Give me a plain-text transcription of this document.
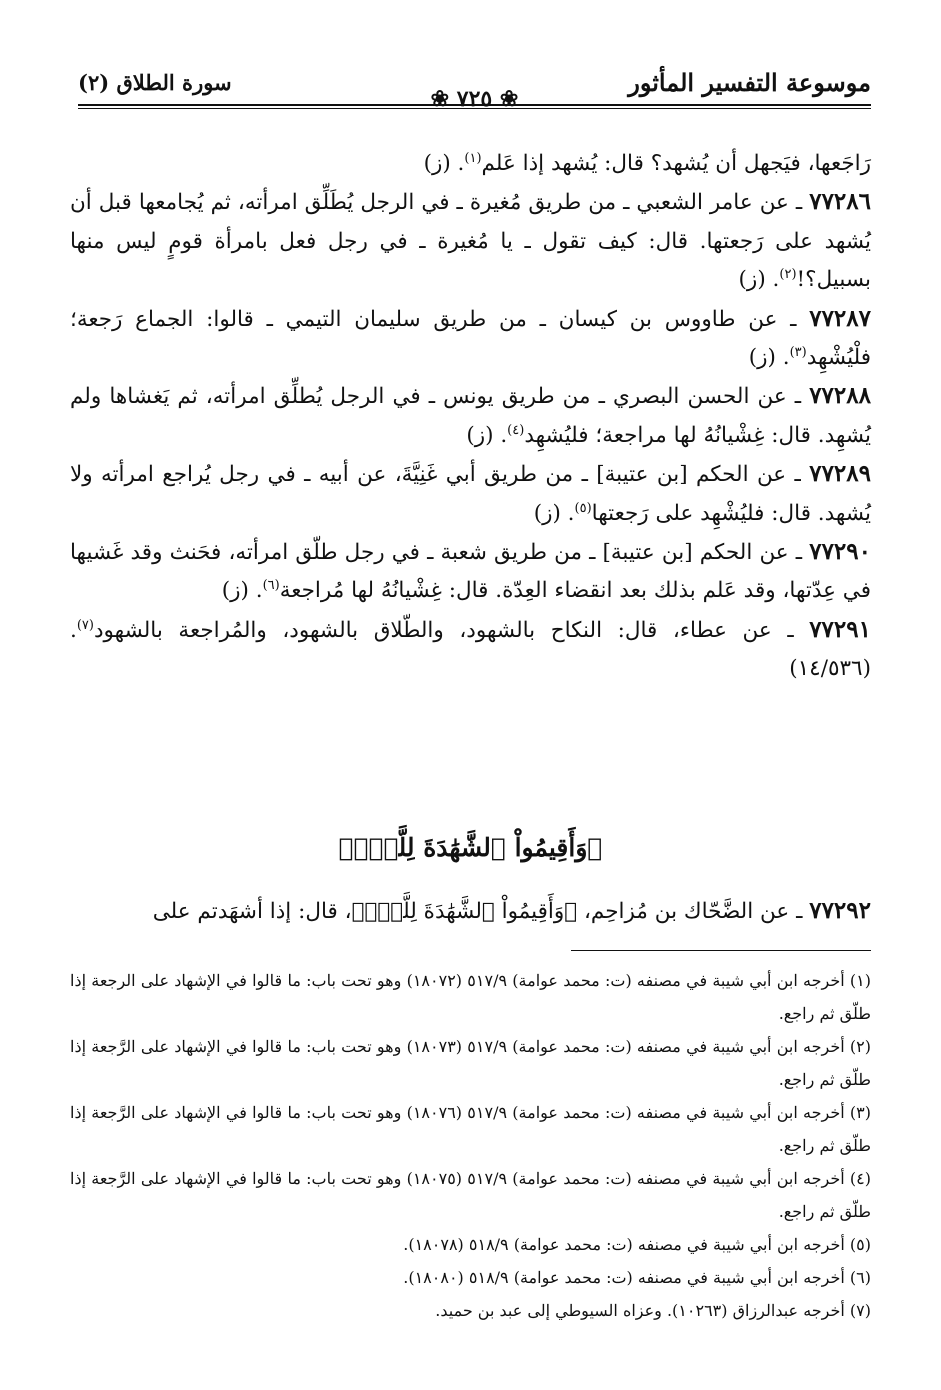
موسوعة التفسير المأثور
❀ ٧٢٥ ❀
سورة الطلاق (٢)

رَاجَعها، فيَجهل أن يُشهد؟ قال: يُشهد إذا عَلم$^{(١)}$. (ز)

٧٧٢٨٦ ـ عن عامر الشعبي ـ من طريق مُغيرة ـ في الرجل يُطَلِّق امرأته، ثم يُجامعها قبل أن يُشهد على رَجعتها. قال: كيف تقول ـ يا مُغيرة ـ في رجل فعل بامرأة قومٍ ليس منها بسبيل؟!$^{(٢)}$. (ز)

٧٧٢٨٧ ـ عن طاووس بن كيسان ـ من طريق سليمان التيمي ـ قالوا: الجماع رَجعة؛ فلْيُشْهِد$^{(٣)}$. (ز)

٧٧٢٨٨ ـ عن الحسن البصري ـ من طريق يونس ـ في الرجل يُطلِّق امرأته، ثم يَغشاها ولم يُشهِد. قال: غِشْيانُهُ لها مراجعة؛ فليُشهِد$^{(٤)}$. (ز)

٧٧٢٨٩ ـ عن الحكم [بن عتيبة] ـ من طريق أبي غَنِيَّةَ، عن أبيه ـ في رجل يُراجع امرأته ولا يُشهد. قال: فليُشْهِد على رَجعتها$^{(٥)}$. (ز)

٧٧٢٩٠ ـ عن الحكم [بن عتيبة] ـ من طريق شعبة ـ في رجل طلّق امرأته، فحَنث وقد غَشيها في عِدّتها، وقد عَلم بذلك بعد انقضاء العِدّة. قال: غِشْيانُهُ لها مُراجعة$^{(٦)}$. (ز)

٧٧٢٩١ ـ عن عطاء، قال: النكاح بالشهود، والطّلاق بالشهود، والمُراجعة بالشهود$^{(٧)}$. (١٤/٥٣٦)

﴿وَأَقِيمُواْ ٱلشَّهَٰدَةَ لِلَّهِۚ﴾
٧٧٢٩٢ ـ عن الضَّحّاك بن مُزاحِم، ﴿وَأَقِيمُواْ ٱلشَّهَٰدَةَ لِلَّهِۚ﴾، قال: إذا أشهَدتم على

(١) أخرجه ابن أبي شيبة في مصنفه (ت: محمد عوامة) ٥١٧/٩ (١٨٠٧٢) وهو تحت باب: ما قالوا في الإشهاد على الرجعة إذا طلّق ثم راجع.

(٢) أخرجه ابن أبي شيبة في مصنفه (ت: محمد عوامة) ٥١٧/٩ (١٨٠٧٣) وهو تحت باب: ما قالوا في الإشهاد على الرَّجعة إذا طلّق ثم راجع.

(٣) أخرجه ابن أبي شيبة في مصنفه (ت: محمد عوامة) ٥١٧/٩ (١٨٠٧٦) وهو تحت باب: ما قالوا في الإشهاد على الرَّجعة إذا طلّق ثم راجع.

(٤) أخرجه ابن أبي شيبة في مصنفه (ت: محمد عوامة) ٥١٧/٩ (١٨٠٧٥) وهو تحت باب: ما قالوا في الإشهاد على الرَّجعة إذا طلّق ثم راجع.

(٥) أخرجه ابن أبي شيبة في مصنفه (ت: محمد عوامة) ٥١٨/٩ (١٨٠٧٨).

(٦) أخرجه ابن أبي شيبة في مصنفه (ت: محمد عوامة) ٥١٨/٩ (١٨٠٨٠).

(٧) أخرجه عبدالرزاق (١٠٢٦٣). وعزاه السيوطي إلى عبد بن حميد.
